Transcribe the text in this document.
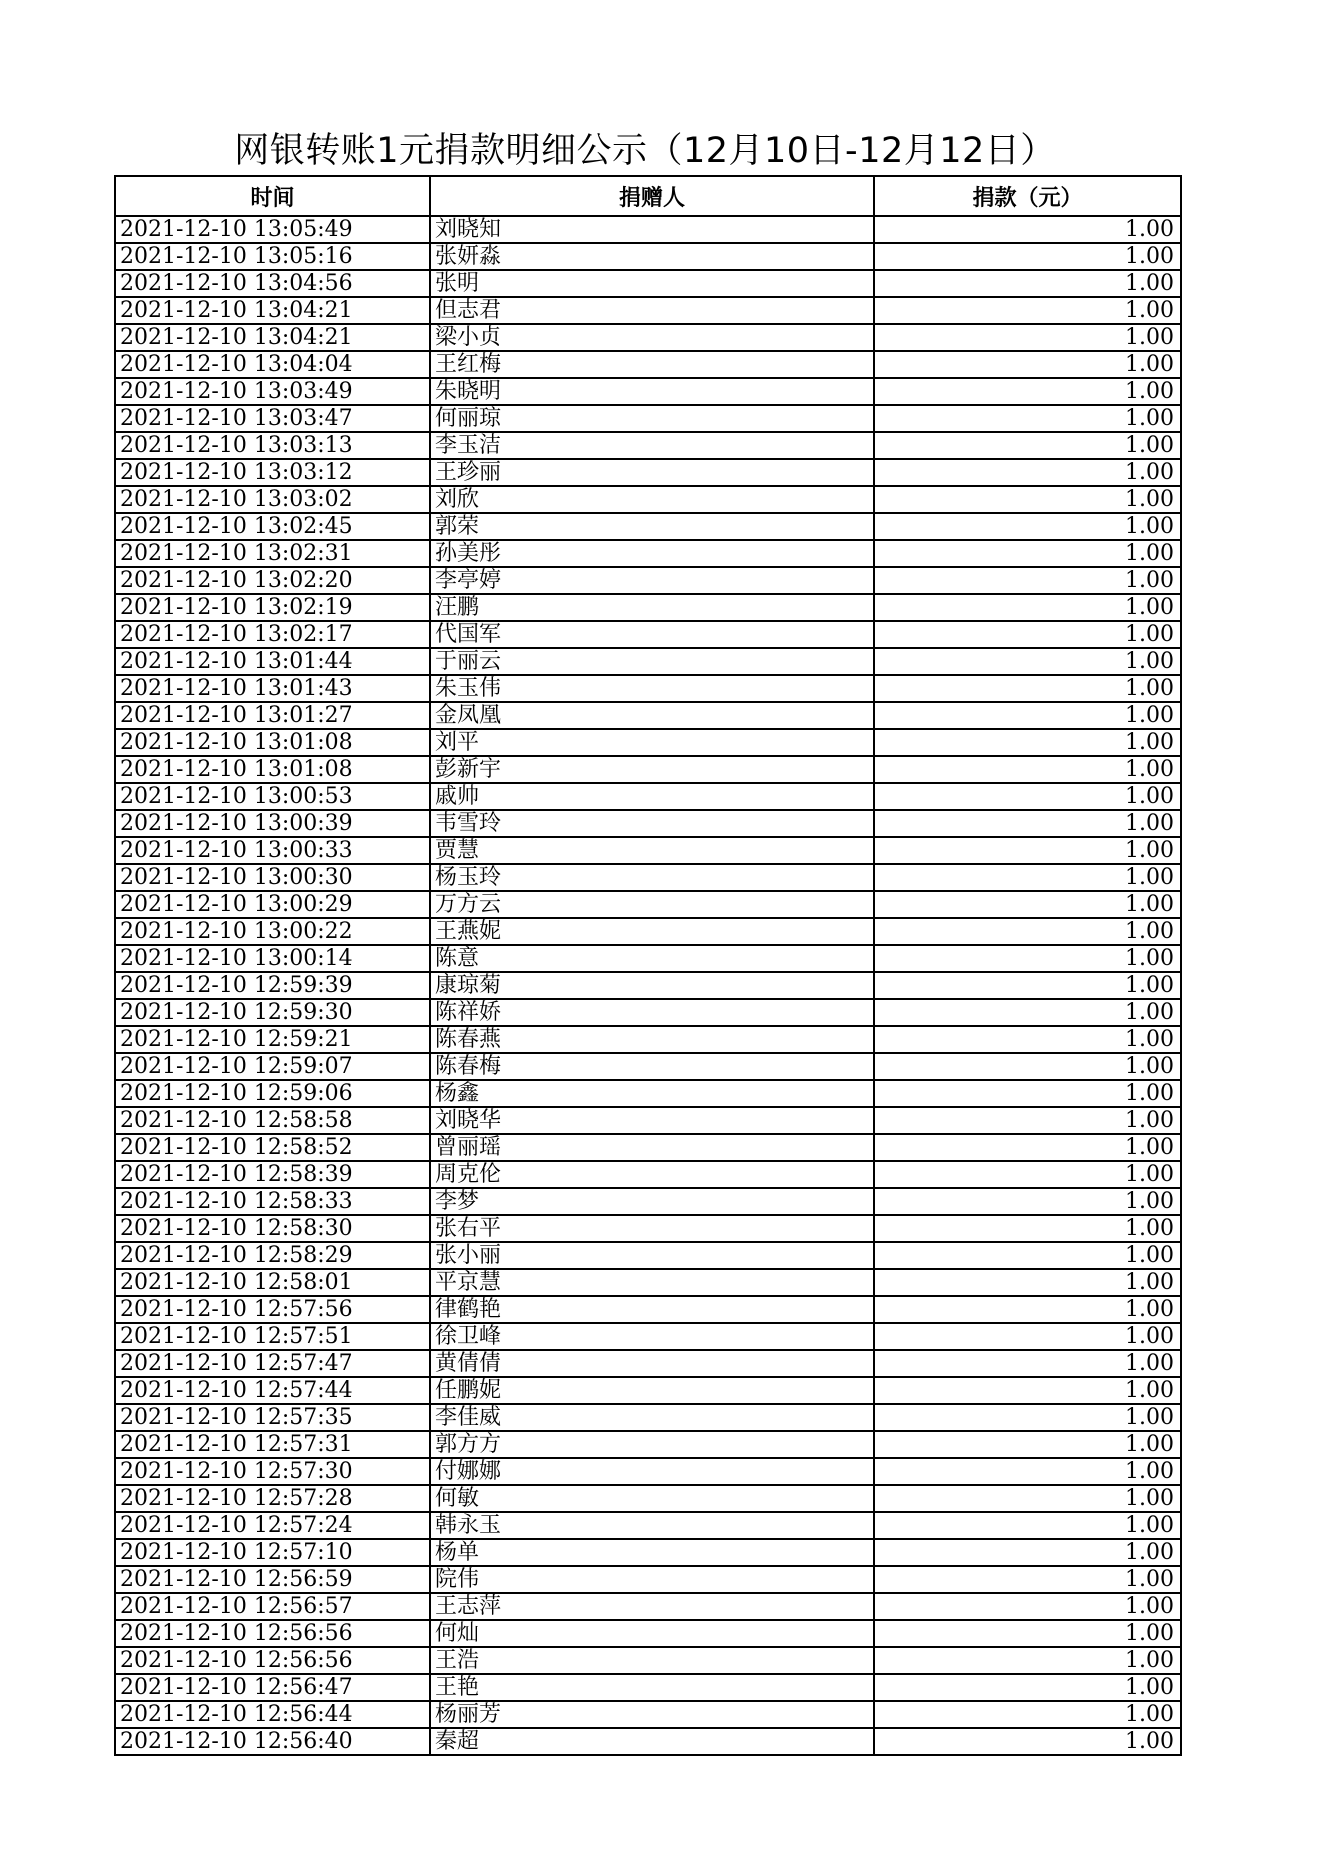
网银转账1元捐款明细公示（12月10日-12月12日）
时间	捐赠人	捐款（元）
2021-12-10 13:05:49	刘晓知	1.00
2021-12-10 13:05:16	张妍淼	1.00
2021-12-10 13:04:56	张明	1.00
2021-12-10 13:04:21	但志君	1.00
2021-12-10 13:04:21	梁小贞	1.00
2021-12-10 13:04:04	王红梅	1.00
2021-12-10 13:03:49	朱晓明	1.00
2021-12-10 13:03:47	何丽琼	1.00
2021-12-10 13:03:13	李玉洁	1.00
2021-12-10 13:03:12	王珍丽	1.00
2021-12-10 13:03:02	刘欣	1.00
2021-12-10 13:02:45	郭荣	1.00
2021-12-10 13:02:31	孙美彤	1.00
2021-12-10 13:02:20	李亭婷	1.00
2021-12-10 13:02:19	汪鹏	1.00
2021-12-10 13:02:17	代国军	1.00
2021-12-10 13:01:44	于丽云	1.00
2021-12-10 13:01:43	朱玉伟	1.00
2021-12-10 13:01:27	金凤凰	1.00
2021-12-10 13:01:08	刘平	1.00
2021-12-10 13:01:08	彭新宇	1.00
2021-12-10 13:00:53	戚帅	1.00
2021-12-10 13:00:39	韦雪玲	1.00
2021-12-10 13:00:33	贾慧	1.00
2021-12-10 13:00:30	杨玉玲	1.00
2021-12-10 13:00:29	万方云	1.00
2021-12-10 13:00:22	王燕妮	1.00
2021-12-10 13:00:14	陈意	1.00
2021-12-10 12:59:39	康琼菊	1.00
2021-12-10 12:59:30	陈祥娇	1.00
2021-12-10 12:59:21	陈春燕	1.00
2021-12-10 12:59:07	陈春梅	1.00
2021-12-10 12:59:06	杨鑫	1.00
2021-12-10 12:58:58	刘晓华	1.00
2021-12-10 12:58:52	曾丽瑶	1.00
2021-12-10 12:58:39	周克伦	1.00
2021-12-10 12:58:33	李梦	1.00
2021-12-10 12:58:30	张右平	1.00
2021-12-10 12:58:29	张小丽	1.00
2021-12-10 12:58:01	平京慧	1.00
2021-12-10 12:57:56	律鹤艳	1.00
2021-12-10 12:57:51	徐卫峰	1.00
2021-12-10 12:57:47	黄倩倩	1.00
2021-12-10 12:57:44	任鹏妮	1.00
2021-12-10 12:57:35	李佳威	1.00
2021-12-10 12:57:31	郭方方	1.00
2021-12-10 12:57:30	付娜娜	1.00
2021-12-10 12:57:28	何敏	1.00
2021-12-10 12:57:24	韩永玉	1.00
2021-12-10 12:57:10	杨单	1.00
2021-12-10 12:56:59	院伟	1.00
2021-12-10 12:56:57	王志萍	1.00
2021-12-10 12:56:56	何灿	1.00
2021-12-10 12:56:56	王浩	1.00
2021-12-10 12:56:47	王艳	1.00
2021-12-10 12:56:44	杨丽芳	1.00
2021-12-10 12:56:40	秦超	1.00
